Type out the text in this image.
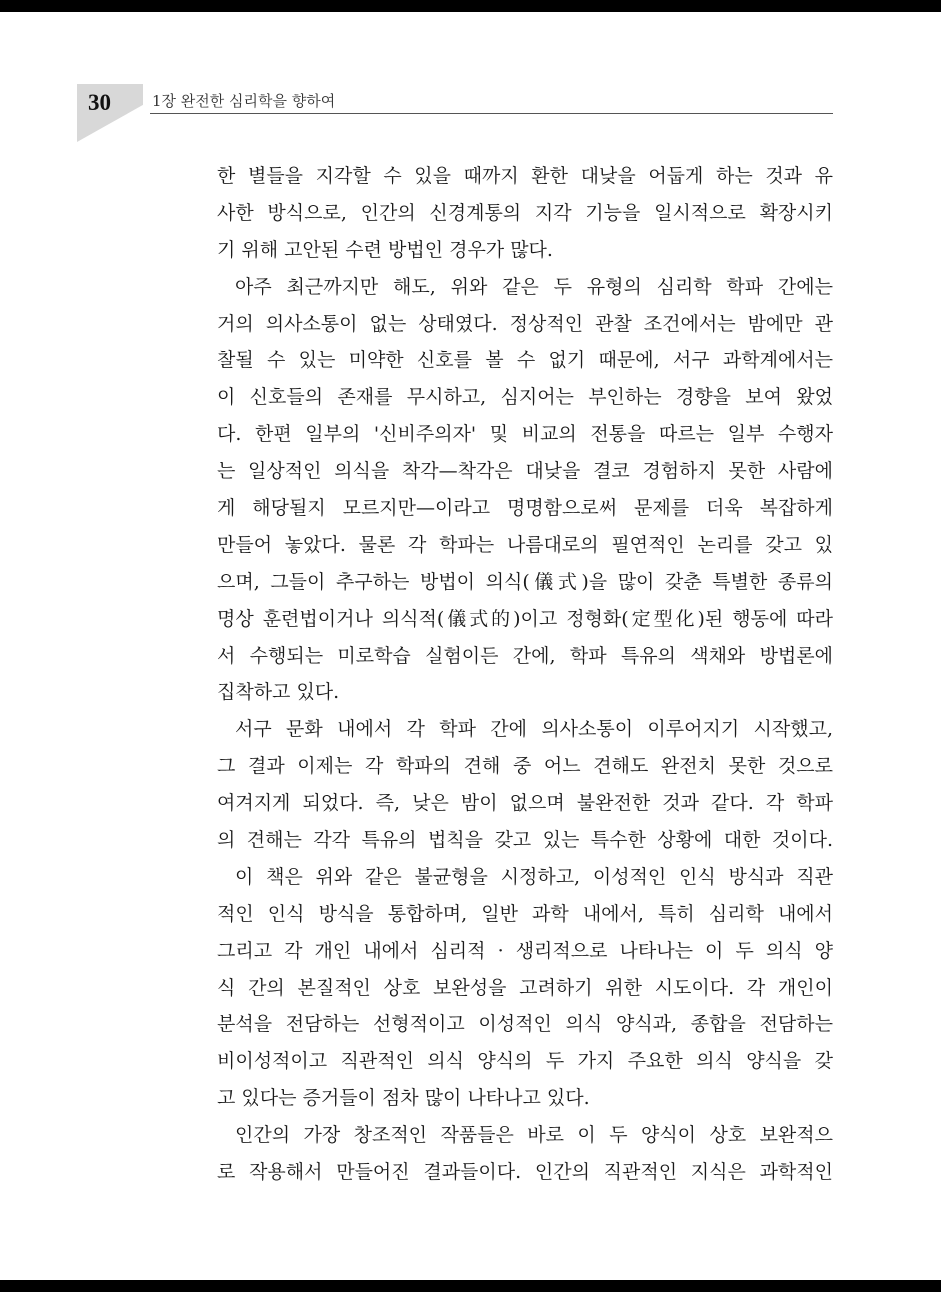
30	1장 완전한 심리학을 향하여
한 별들을 지각할 수 있을 때까지 환한 대낮을 어둡게 하는 것과 유
사한 방식으로, 인간의 신경계통의 지각 기능을 일시적으로 확장시키
기 위해 고안된 수련 방법인 경우가 많다.
아주 최근까지만 해도, 위와 같은 두 유형의 심리학 학파 간에는
거의 의사소통이 없는 상태였다. 정상적인 관찰 조건에서는 밤에만 관
찰될 수 있는 미약한 신호를 볼 수 없기 때문에, 서구 과학계에서는
이 신호들의 존재를 무시하고, 심지어는 부인하는 경향을 보여 왔었
다. 한편 일부의 '신비주의자' 및 비교의 전통을 따르는 일부 수행자
는 일상적인 의식을 착각—착각은 대낮을 결코 경험하지 못한 사람에
게 해당될지 모르지만—이라고 명명함으로써 문제를 더욱 복잡하게
만들어 놓았다. 물론 각 학파는 나름대로의 필연적인 논리를 갖고 있
으며, 그들이 추구하는 방법이 의식(儀式)을 많이 갖춘 특별한 종류의
명상 훈련법이거나 의식적(儀式的)이고 정형화(定型化)된 행동에 따라
서 수행되는 미로학습 실험이든 간에, 학파 특유의 색채와 방법론에
집착하고 있다.
서구 문화 내에서 각 학파 간에 의사소통이 이루어지기 시작했고,
그 결과 이제는 각 학파의 견해 중 어느 견해도 완전치 못한 것으로
여겨지게 되었다. 즉, 낮은 밤이 없으며 불완전한 것과 같다. 각 학파
의 견해는 각각 특유의 법칙을 갖고 있는 특수한 상황에 대한 것이다.
이 책은 위와 같은 불균형을 시정하고, 이성적인 인식 방식과 직관
적인 인식 방식을 통합하며, 일반 과학 내에서, 특히 심리학 내에서
그리고 각 개인 내에서 심리적 · 생리적으로 나타나는 이 두 의식 양
식 간의 본질적인 상호 보완성을 고려하기 위한 시도이다. 각 개인이
분석을 전담하는 선형적이고 이성적인 의식 양식과, 종합을 전담하는
비이성적이고 직관적인 의식 양식의 두 가지 주요한 의식 양식을 갖
고 있다는 증거들이 점차 많이 나타나고 있다.
인간의 가장 창조적인 작품들은 바로 이 두 양식이 상호 보완적으
로 작용해서 만들어진 결과들이다. 인간의 직관적인 지식은 과학적인
